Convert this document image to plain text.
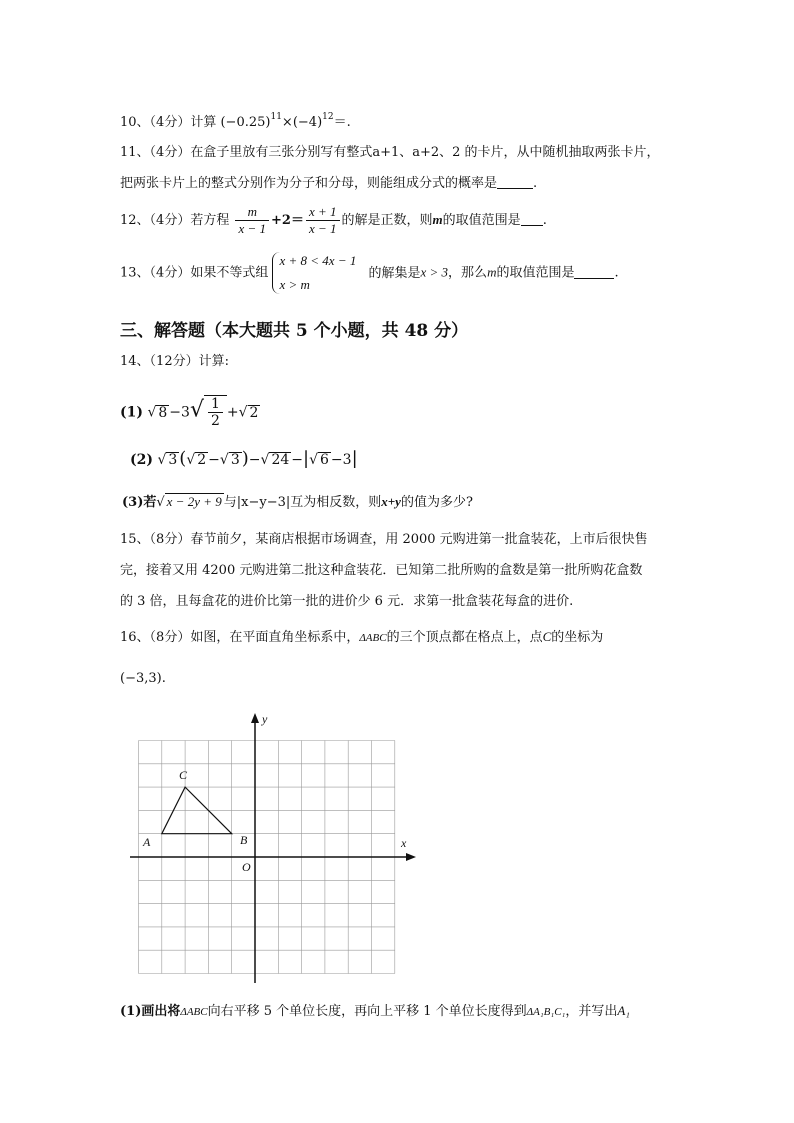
10、（4分）计算 $(-0.25)^{11}\times(-4)^{12}=$.
11、（4分）在盒子里放有三张分别写有整式a+1、a+2、2 的卡片，从中随机抽取两张卡片，
把两张卡片上的整式分别作为分子和分母，则能组成分式的概率是	.
12、（4分）若方程 $\frac{m}{x - 1} +2= \frac{x + 1}{x - 1}$ 的解是正数，则m的取值范围是 .
13、（4分）如果不等式组
x + 8 < 4x − 1
x > m
的解集是x > 3，那么m的取值范围是	.
三、解答题（本大题共 5 个小题，共 48 分）
14、（12分）计算:
(1) √ $8 -3√ \frac{1}{2}$ +√ 2
(2) √ 3 (√ 2 −√ 3 )−√ 24 −|√ 6 −3|
(3)若√ x − 2y + 9 与|x−y−3|互为相反数，则x+y的值为多少?
15、（8分）春节前夕，某商店根据市场调查，用 2000 元购进第一批盒装花，上市后很快售
完，接着又用 4200 元购进第二批这种盒装花．已知第二批所购的盒数是第一批所购花盒数
的 3 倍，且每盒花的进价比第一批的进价少 6 元．求第一批盒装花每盒的进价.
16、（8分）如图，在平面直角坐标系中，ΔABC的三个顶点都在格点上，点C的坐标为
(−3,3).
x
y
O
A	B
C
(1)画出将ΔABC向右平移 5 个单位长度，再向上平移 1 个单位长度得到ΔA₁B₁C₁，并写出A₁
